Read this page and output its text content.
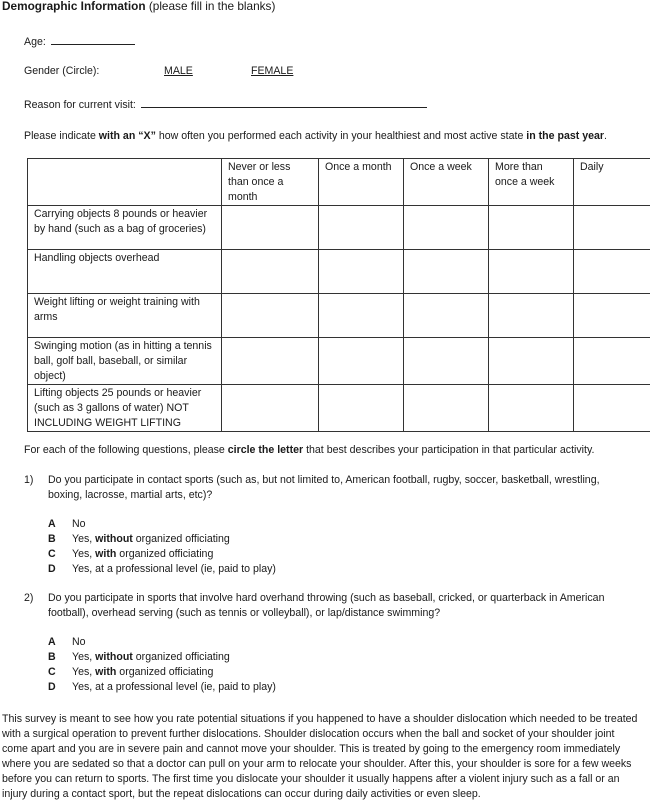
Demographic Information (please fill in the blanks)
Age:
Gender (Circle):	MALE	FEMALE
Reason for current visit:
Please indicate with an “X” how often you performed each activity in your healthiest and most active state in the past year.
	Never or less than once a month	Once a month	Once a week	More than once a week	Daily
Carrying objects 8 pounds or heavier by hand (such as a bag of groceries)					
Handling objects overhead					
Weight lifting or weight training with arms					
Swinging motion (as in hitting a tennis ball, golf ball, baseball, or similar object)					
Lifting objects 25 pounds or heavier (such as 3 gallons of water) NOT INCLUDING WEIGHT LIFTING					
For each of the following questions, please circle the letter that best describes your participation in that particular activity.
1) Do you participate in contact sports (such as, but not limited to, American football, rugby, soccer, basketball, wrestling,
boxing, lacrosse, martial arts, etc)?
A No
B Yes, without organized officiating
C Yes, with organized officiating
D Yes, at a professional level (ie, paid to play)
2) Do you participate in sports that involve hard overhand throwing (such as baseball, cricked, or quarterback in American
football), overhead serving (such as tennis or volleyball), or lap/distance swimming?
A No
B Yes, without organized officiating
C Yes, with organized officiating
D Yes, at a professional level (ie, paid to play)
This survey is meant to see how you rate potential situations if you happened to have a shoulder dislocation which needed to be treated with a surgical operation to prevent further dislocations. Shoulder dislocation occurs when the ball and socket of your shoulder joint come apart and you are in severe pain and cannot move your shoulder. This is treated by going to the emergency room immediately where you are sedated so that a doctor can pull on your arm to relocate your shoulder. After this, your shoulder is sore for a few weeks before you can return to sports. The first time you dislocate your shoulder it usually happens after a violent injury such as a fall or an injury during a contact sport, but the repeat dislocations can occur during daily activities or even sleep.
